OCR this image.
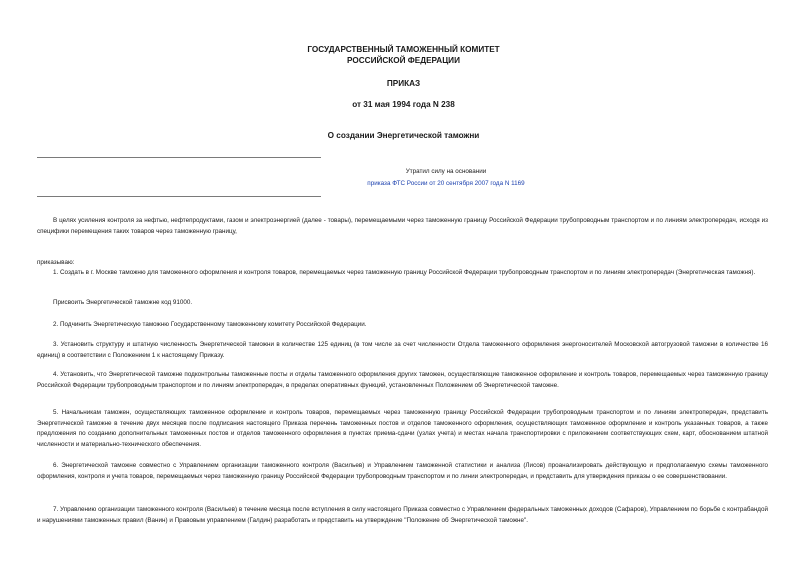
ГОСУДАРСТВЕННЫЙ ТАМОЖЕННЫЙ КОМИТЕТ

РОССИЙСКОЙ ФЕДЕРАЦИИ

ПРИКАЗ

от 31 мая 1994 года N 238

О создании Энергетической таможни

Утратил силу на основании
приказа ФТС России от 20 сентября 2007 года N 1169

В целях усиления контроля за нефтью, нефтепродуктами, газом и электроэнергией (далее - товары), перемещаемыми через таможенную границу Российской Федерации трубопроводным транспортом и по линиям электропередач, исходя из специфики перемещения таких товаров через таможенную границу,

приказываю:

1. Создать в г. Москве таможню для таможенного оформления и контроля товаров, перемещаемых через таможенную границу Российской Федерации трубопроводным транспортом и по линиям электропередач (Энергетическая таможня).

Присвоить Энергетической таможне код 91000.

2. Подчинить Энергетическую таможню Государственному таможенному комитету Российской Федерации.

3. Установить структуру и штатную численность Энергетической таможни в количестве 125 единиц (в том числе за счет численности Отдела таможенного оформления энергоносителей Московской автогрузовой таможни в количестве 16 единиц) в соответствии с Положением 1 к настоящему Приказу.

4. Установить, что Энергетической таможне подконтрольны таможенные посты и отделы таможенного оформления других таможен, осуществляющие таможенное оформление и контроль товаров, перемещаемых через таможенную границу Российской Федерации трубопроводным транспортом и по линиям электропередач, в пределах оперативных функций, установленных Положением об Энергетической таможне.

5. Начальникам таможен, осуществляющих таможенное оформление и контроль товаров, перемещаемых через таможенную границу Российской Федерации трубопроводным транспортом и по линиям электропередач, представить Энергетической таможне в течение двух месяцев после подписания настоящего Приказа перечень таможенных постов и отделов таможенного оформления, осуществляющих таможенное оформление и контроль указанных товаров, а также предложения по созданию дополнительных таможенных постов и отделов таможенного оформления в пунктах приема-сдачи (узлах учета) и местах начала транспортировки с приложением соответствующих схем, карт, обоснованием штатной численности и материально-технического обеспечения.

6. Энергетической таможне совместно с Управлением организации таможенного контроля (Васильев) и Управлением таможенной статистики и анализа (Лисов) проанализировать действующую и предполагаемую схемы таможенного оформления, контроля и учета товаров, перемещаемых через таможенную границу Российской Федерации трубопроводным транспортом и по линии электропередач, и представить для утверждения приказы о ее совершенствовании.

7. Управлению организации таможенного контроля (Васильев) в течение месяца после вступления в силу настоящего Приказа совместно с Управлением федеральных таможенных доходов (Сафаров), Управлением по борьбе с контрабандой и нарушениями таможенных правил (Ванин) и Правовым управлением (Галдин) разработать и представить на утверждение "Положение об Энергетической таможне".
